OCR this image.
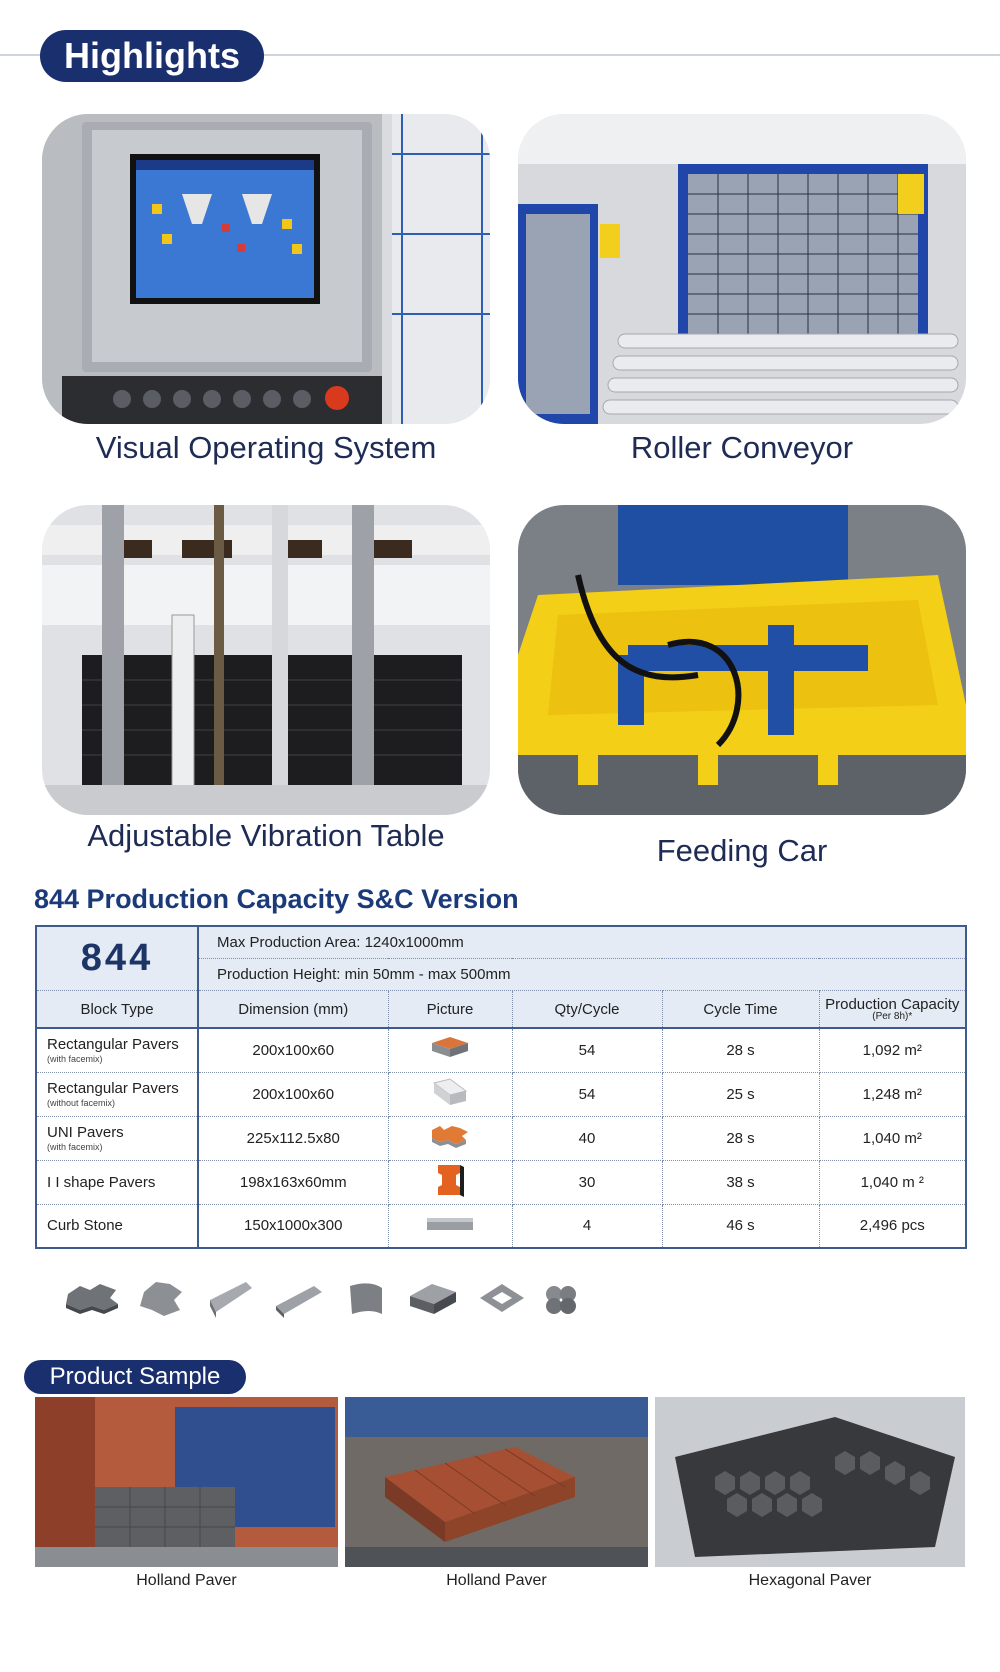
Highlights
Visual Operating System	Roller Conveyor
Adjustable Vibration Table	Feeding Car
844 Production Capacity S&C Version
844	Max Production Area: 1240x1000mm				
	Production Height: min 50mm - max 500mm				
Block Type	Dimension (mm)	Picture	Qty/Cycle	Cycle Time	Production Capacity
(Per 8h)*

Rectangular Pavers
(with facemix)	200x100x60		54	28 s	1,092 m²
Rectangular Pavers
(without facemix)	200x100x60		54	25 s	1,248 m²
UNI Pavers
(with facemix)	225x112.5x80		40	28 s	1,040 m²
I I shape Pavers	198x163x60mm		30	38 s	1,040 m ²
Curb Stone	150x1000x300		4	46 s	2,496 pcs
Product Sample
Holland Paver	Holland Paver	Hexagonal Paver
